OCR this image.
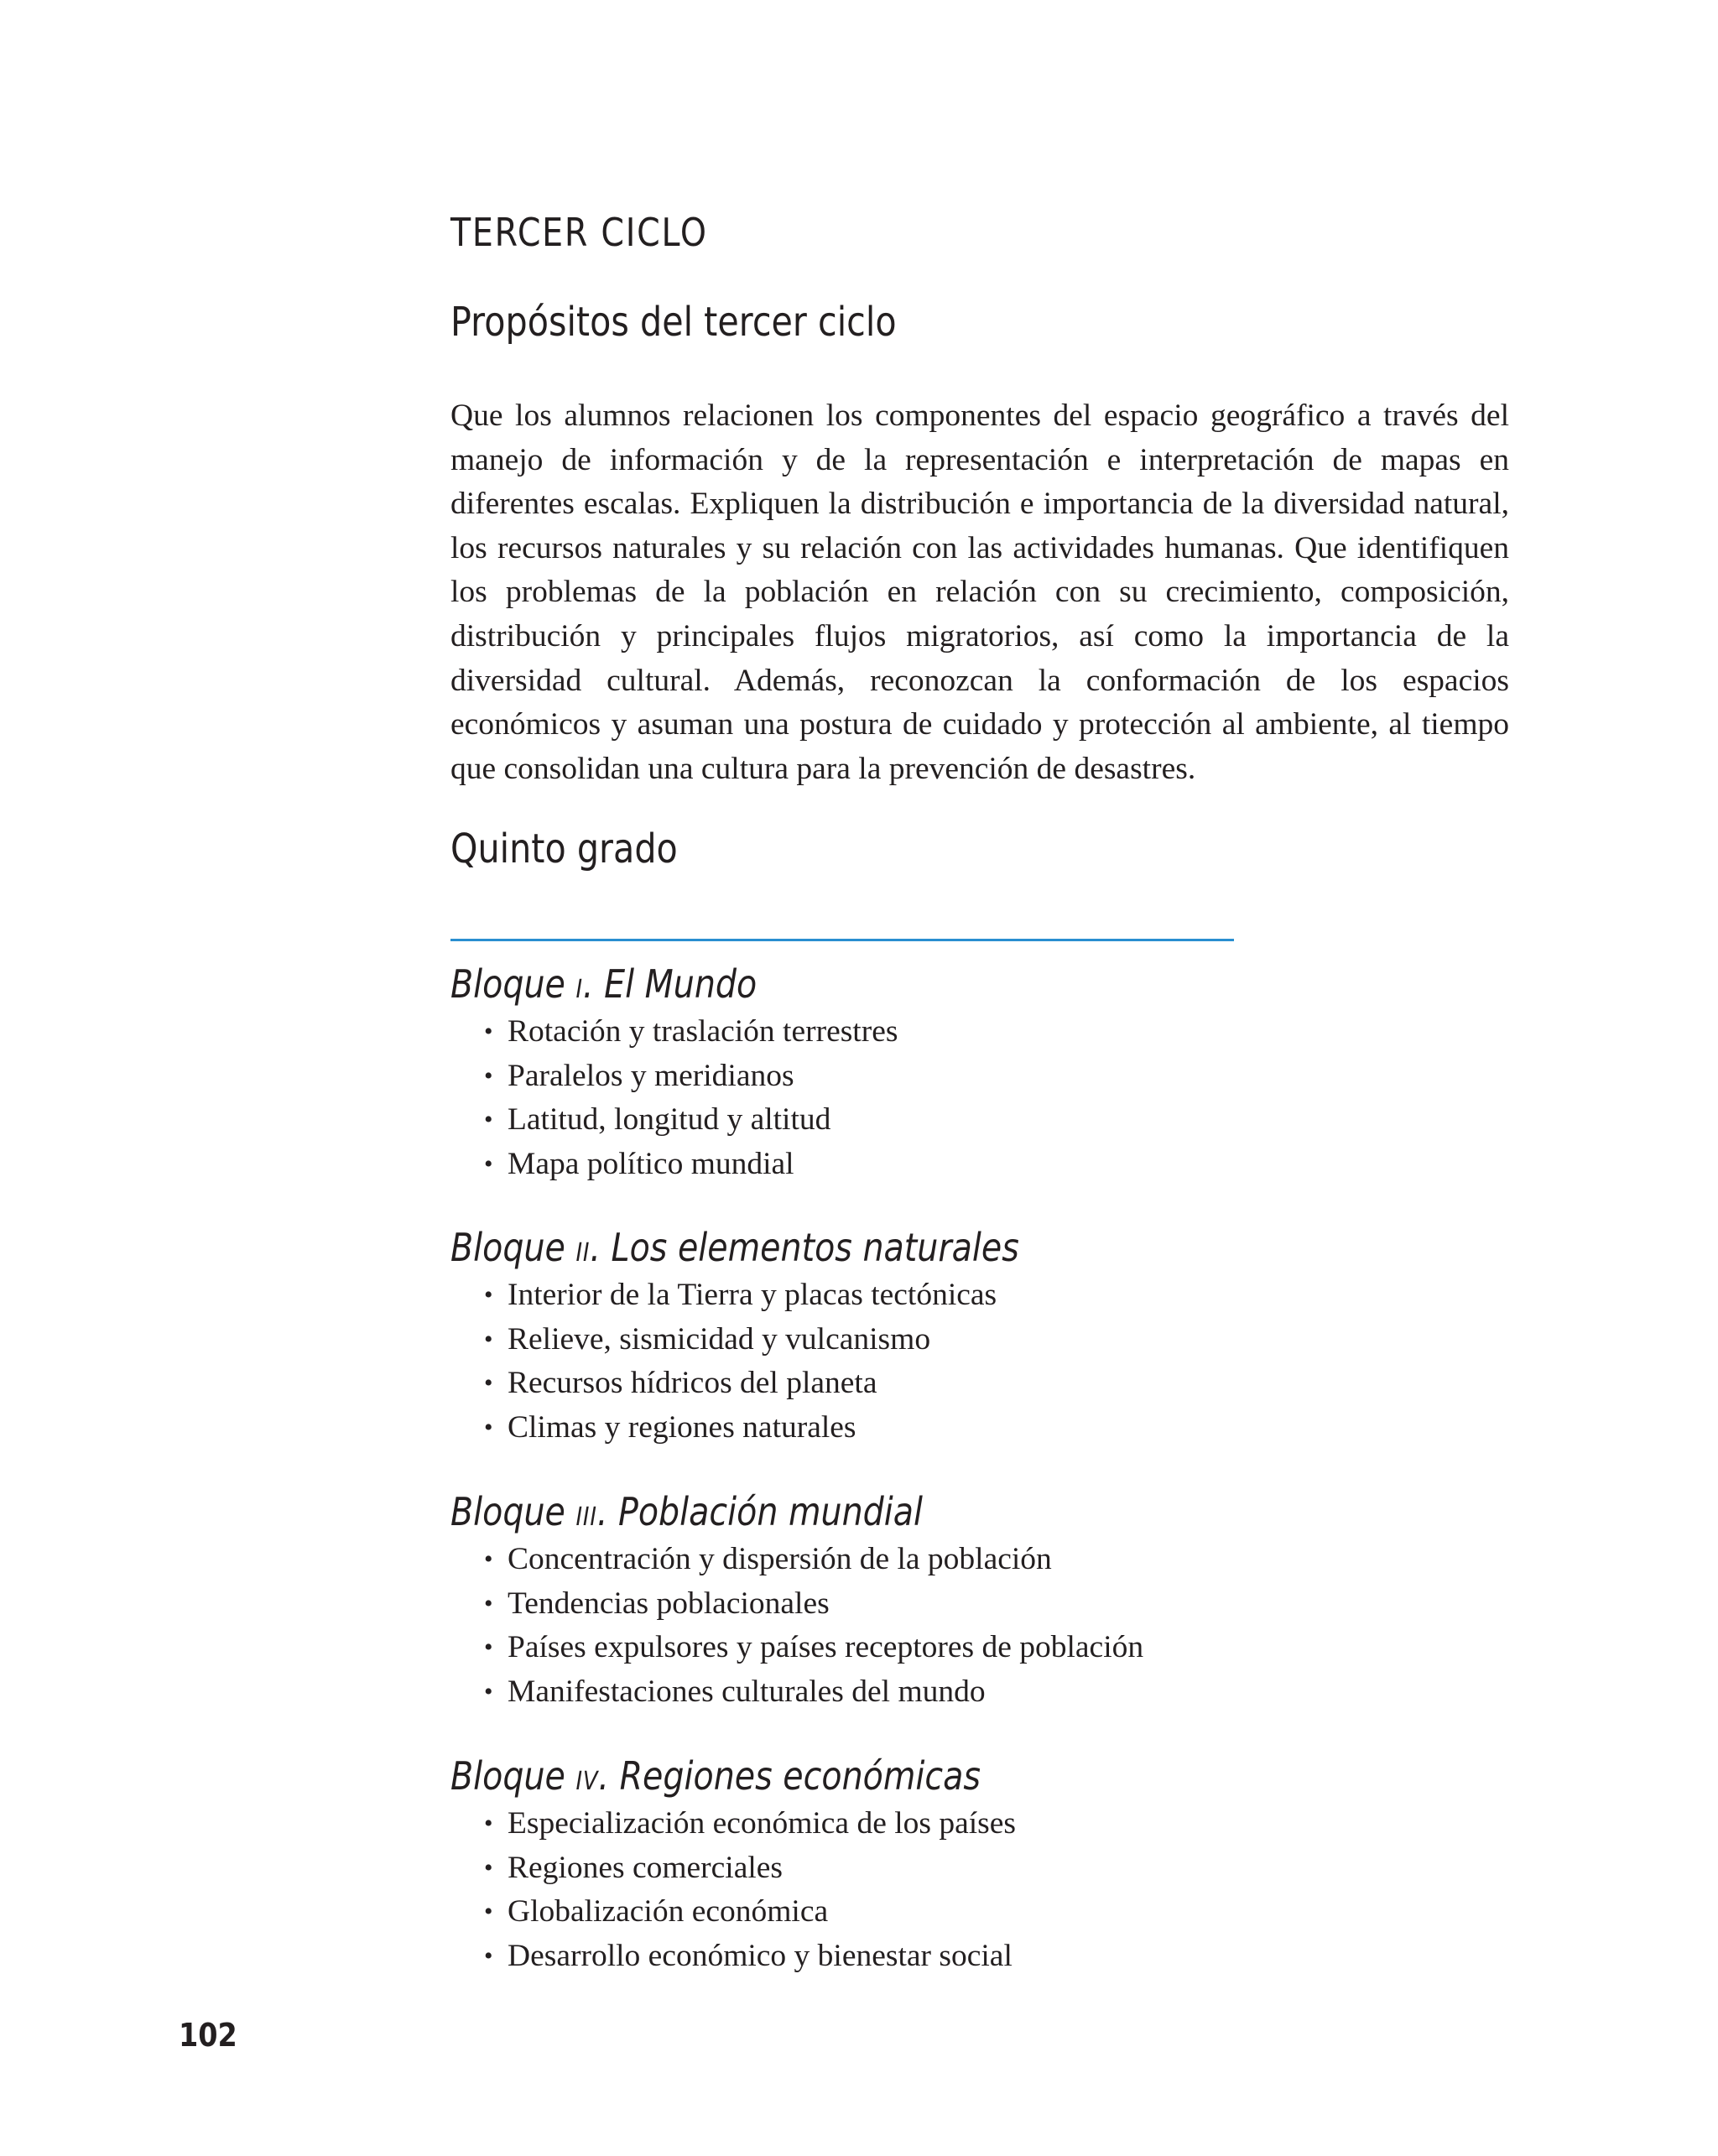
TERCER CICLO
Propósitos del tercer ciclo

Que los alumnos relacionen los componentes del espacio geográfico a través del manejo de información y de la representación e interpretación de mapas en diferentes escalas. Expliquen la distribución e importancia de la diversidad natural, los recursos naturales y su relación con las actividades humanas. Que identifiquen los problemas de la población en relación con su crecimiento, composición, distribución y principales flujos migratorios, así como la importancia de la diversidad cultural. Además, reconozcan la conformación de los espacios económicos y asuman una postura de cuidado y protección al ambiente, al tiempo que consolidan una cultura para la prevención de desastres.

Quinto grado
Bloque I. El Mundo
• Rotación y traslación terrestres
• Paralelos y meridianos
• Latitud, longitud y altitud
• Mapa político mundial
Bloque II. Los elementos naturales
• Interior de la Tierra y placas tectónicas
• Relieve, sismicidad y vulcanismo
• Recursos hídricos del planeta
• Climas y regiones naturales
Bloque III. Población mundial
• Concentración y dispersión de la población
• Tendencias poblacionales
• Países expulsores y países receptores de población
• Manifestaciones culturales del mundo
Bloque IV. Regiones económicas
• Especialización económica de los países
• Regiones comerciales
• Globalización económica
• Desarrollo económico y bienestar social
102
